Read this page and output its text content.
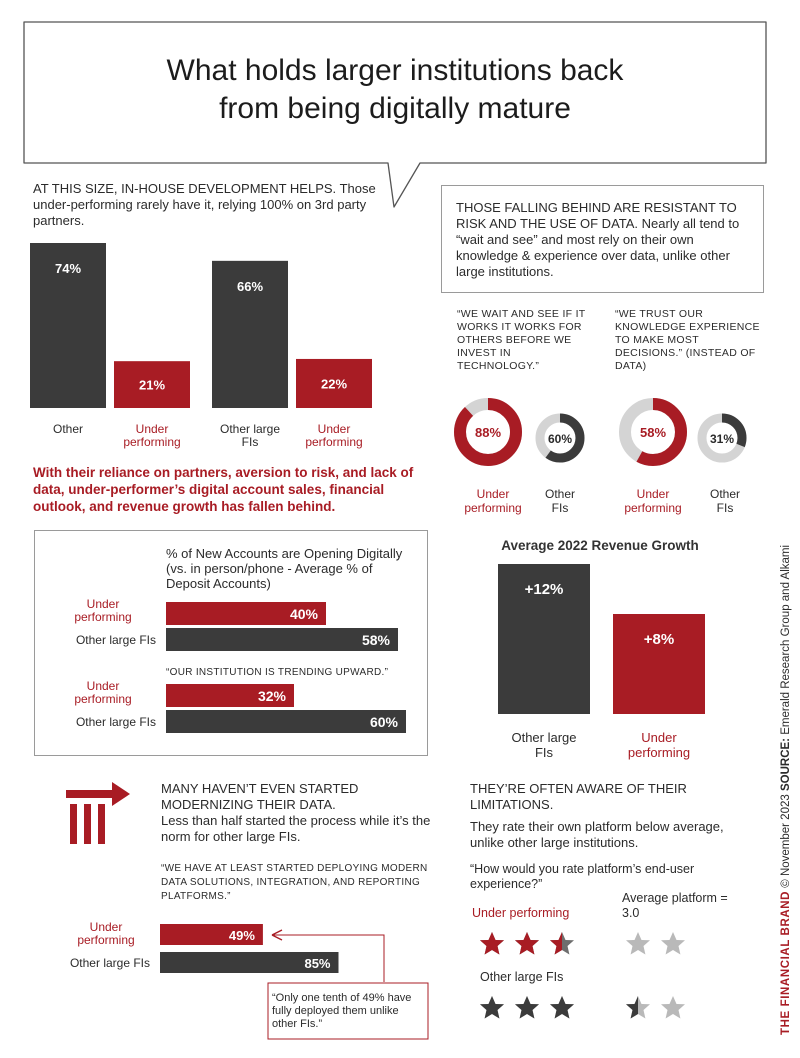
What holds larger institutions back
from being digitally mature
AT THIS SIZE, IN-HOUSE DEVELOPMENT HELPS. Those under-performing rarely have it, relying 100% on 3rd party partners.
74%
Other
21%
Under performing
66%
Other large FIs
22%
Under performing
THOSE FALLING BEHIND ARE RESISTANT TO RISK AND THE USE OF DATA. Nearly all tend to “wait and see” and most rely on their own knowledge & experience over data, unlike other large institutions.
“WE WAIT AND SEE IF IT WORKS IT WORKS FOR OTHERS BEFORE WE INVEST IN TECHNOLOGY.”
“WE TRUST OUR KNOWLEDGE EXPERIENCE TO MAKE MOST DECISIONS.” (INSTEAD OF DATA)
88%	60%	58%	31%
Under performing
Other FIs
Under performing
Other FIs
With their reliance on partners, aversion to risk, and lack of data, under-performer’s digital account sales, financial outlook, and revenue growth has fallen behind.
% of New Accounts are Opening Digitally (vs. in person/phone - Average % of Deposit Accounts)
“OUR INSTITUTION IS TRENDING UPWARD.”
40%
Under performing
58%
Other large FIs
32%
Under performing
60%
Other large FIs
Average 2022 Revenue Growth
+12%
Other large FIs
+8%
Under performing
MANY HAVEN’T EVEN STARTED MODERNIZING THEIR DATA.
Less than half started the process while it’s the norm for other large FIs.
“WE HAVE AT LEAST STARTED DEPLOYING MODERN DATA SOLUTIONS, INTEGRATION, AND REPORTING PLATFORMS.”
49%
Under performing
85%
Other large FIs
“Only one tenth of 49% have fully deployed them unlike other FIs.”
THEY’RE OFTEN AWARE OF THEIR LIMITATIONS.
They rate their own platform below average, unlike other large institutions.
“How would you rate platform’s end-user experience?”
Average platform = 3.0
Under performing
Other large FIs	THE FINANCIAL BRAND © November 2023 SOURCE: Emerald Research Group and Alkami
